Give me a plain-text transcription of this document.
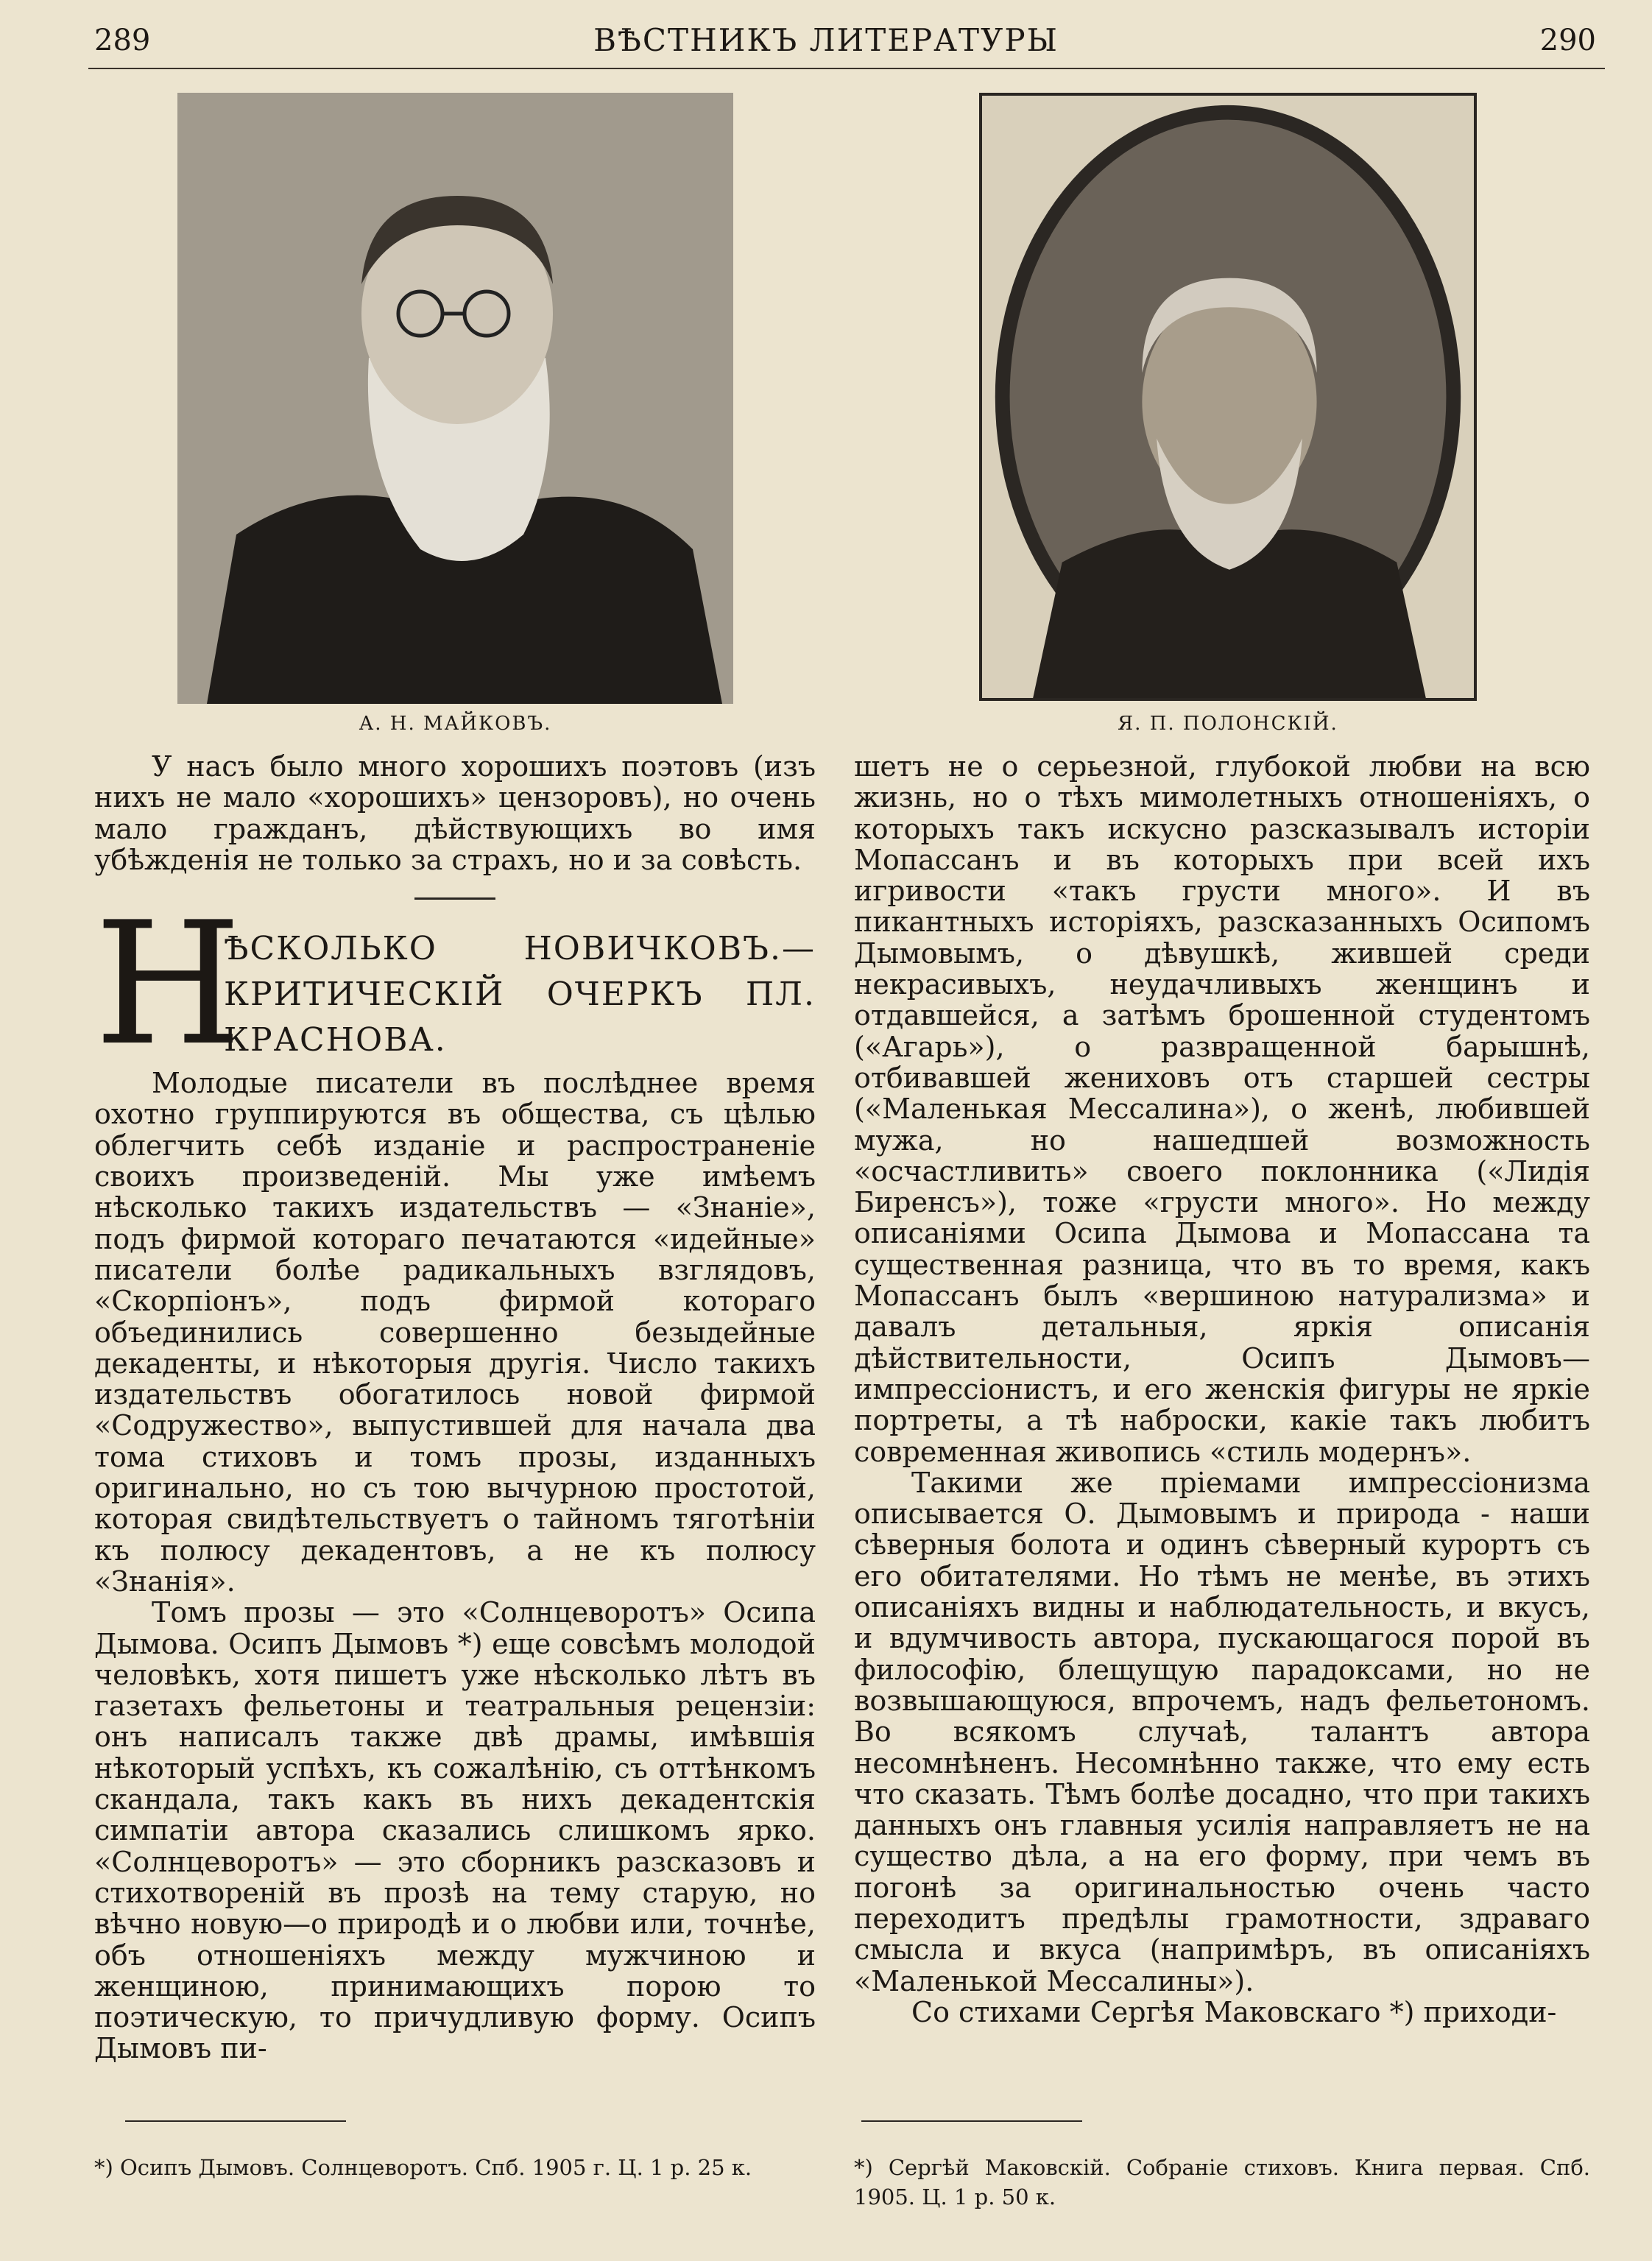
289	ВѢСТНИКЪ ЛИТЕРАТУРЫ	290
А. Н. МАЙКОВЪ.	Я. П. ПОЛОНСКІЙ.

У насъ было много хорошихъ поэтовъ (изъ нихъ не мало «хорошихъ» цензоровъ), но очень мало гражданъ, дѣйствующихъ во имя убѣжденія не только за страхъ, но и за совѣсть.

Н
ѢСКОЛЬКО НОВИЧКОВЪ.—КРИТИЧЕСКІЙ ОЧЕРКЪ ПЛ. КРАСНОВА.

Молодые писатели въ послѣднее время охотно группируются въ общества, съ цѣлью облегчить себѣ изданіе и распространеніе своихъ произведеній. Мы уже имѣемъ нѣсколько такихъ издательствъ — «Знаніе», подъ фирмой котораго печатаются «идейные» писатели болѣе радикальныхъ взглядовъ, «Скорпіонъ», подъ фирмой котораго объединились совершенно безыдейные декаденты, и нѣкоторыя другія. Число такихъ издательствъ обогатилось новой фирмой «Содружество», выпустившей для начала два тома стиховъ и томъ прозы, изданныхъ оригинально, но съ тою вычурною простотой, которая свидѣтельствуетъ о тайномъ тяготѣніи къ полюсу декадентовъ, а не къ полюсу «Знанія».

Томъ прозы — это «Солнцеворотъ» Осипа Дымова. Осипъ Дымовъ *) еще совсѣмъ молодой человѣкъ, хотя пишетъ уже нѣсколько лѣтъ въ газетахъ фельетоны и театральныя рецензіи: онъ написалъ также двѣ драмы, имѣвшія нѣкоторый успѣхъ, къ сожалѣнію, съ оттѣнкомъ скандала, такъ какъ въ нихъ декадентскія симпатіи автора сказались слишкомъ ярко. «Солнцеворотъ» — это сборникъ разсказовъ и стихотвореній въ прозѣ на тему старую, но вѣчно новую—о природѣ и о любви или, точнѣе, объ отношеніяхъ между мужчиною и женщиною, принимающихъ порою то поэтическую, то причудливую форму. Осипъ Дымовъ пи-

шетъ не о серьезной, глубокой любви на всю жизнь, но о тѣхъ мимолетныхъ отношеніяхъ, о которыхъ такъ искусно разсказывалъ исторіи Мопассанъ и въ которыхъ при всей ихъ игривости «такъ грусти много». И въ пикантныхъ исторіяхъ, разсказанныхъ Осипомъ Дымовымъ, о дѣвушкѣ, жившей среди некрасивыхъ, неудачливыхъ женщинъ и отдавшейся, а затѣмъ брошенной студентомъ («Агарь»), о развращенной барышнѣ, отбивавшей жениховъ отъ старшей сестры («Маленькая Мессалина»), о женѣ, любившей мужа, но нашедшей возможность «осчастливить» своего поклонника («Лидія Биренсъ»), тоже «грусти много». Но между описаніями Осипа Дымова и Мопассана та существенная разница, что въ то время, какъ Мопассанъ былъ «вершиною натурализма» и давалъ детальныя, яркія описанія дѣйствительности, Осипъ Дымовъ—импрессіонистъ, и его женскія фигуры не яркіе портреты, а тѣ наброски, какіе такъ любитъ современная живопись «стиль модернъ».

Такими же пріемами импрессіонизма описывается О. Дымовымъ и природа - наши сѣверныя болота и одинъ сѣверный курортъ съ его обитателями. Но тѣмъ не менѣе, въ этихъ описаніяхъ видны и наблюдательность, и вкусъ, и вдумчивость автора, пускающагося порой въ философію, блещущую парадоксами, но не возвышающуюся, впрочемъ, надъ фельетономъ. Во всякомъ случаѣ, талантъ автора несомнѣненъ. Несомнѣнно также, что ему есть что сказать. Тѣмъ болѣе досадно, что при такихъ данныхъ онъ главныя усилія направляетъ не на существо дѣла, а на его форму, при чемъ въ погонѣ за оригинальностью очень часто переходитъ предѣлы грамотности, здраваго смысла и вкуса (напримѣръ, въ описаніяхъ «Маленькой Мессалины»).

Со стихами Сергѣя Маковскаго *) приходи-

*) Осипъ Дымовъ. Солнцеворотъ. Спб. 1905 г. Ц. 1 р. 25 к.	*) Сергѣй Маковскій. Собраніе стиховъ. Книга первая. Спб. 1905. Ц. 1 р. 50 к.
